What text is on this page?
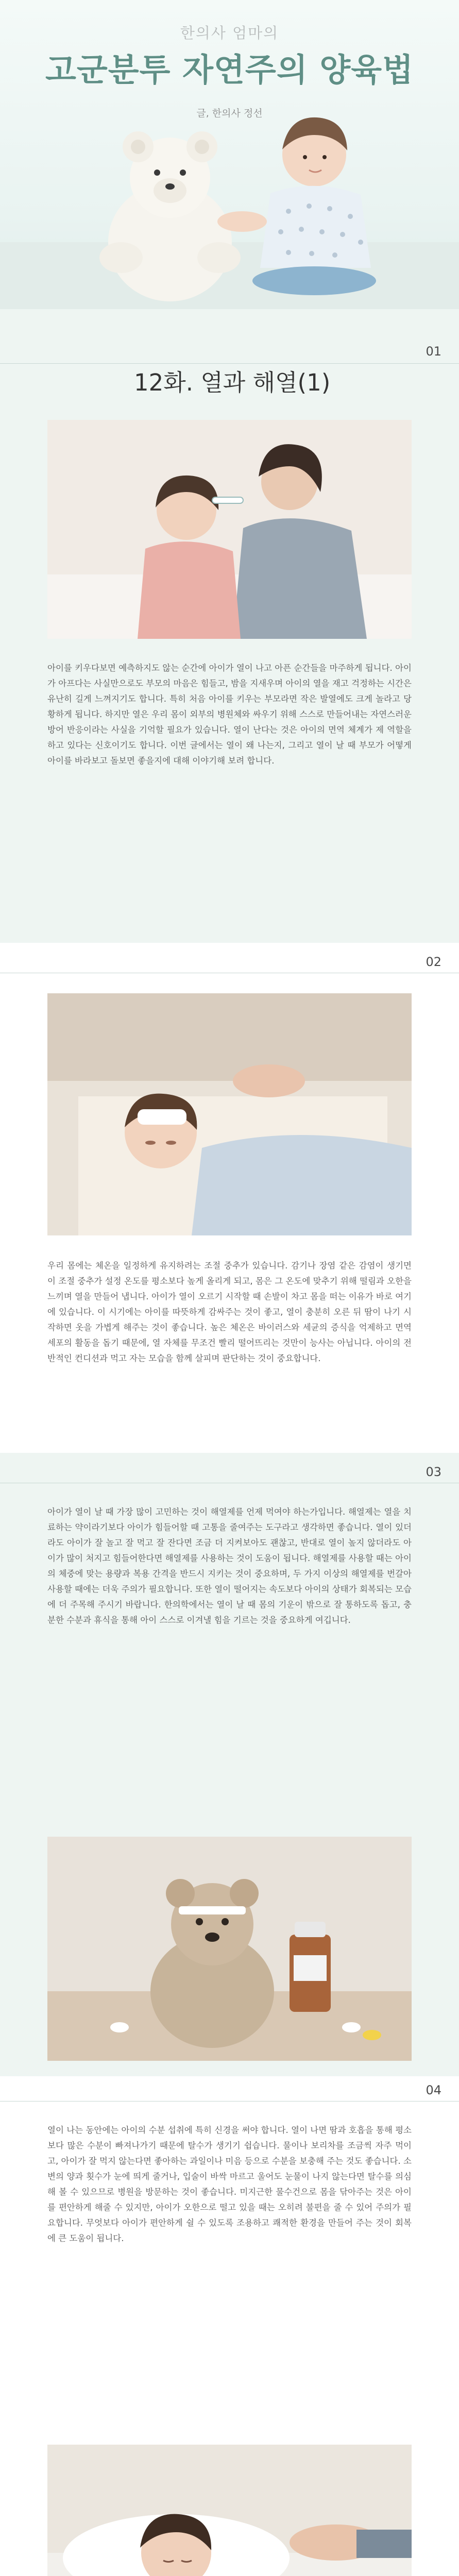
한의사 엄마의
고군분투 자연주의 양육법
글, 한의사 정선
01
12화. 열과 해열(1)
아이를 키우다보면 예측하지도 않는 순간에 아이가 열이 나고 아픈 순간들을 마주하게 됩니다. 아이가 아프다는 사실만으로도 부모의 마음은 힘들고, 밤을 지새우며 아이의 열을 재고 걱정하는 시간은 유난히 길게 느껴지기도 합니다. 특히 처음 아이를 키우는 부모라면 작은 발열에도 크게 놀라고 당황하게 됩니다. 하지만 열은 우리 몸이 외부의 병원체와 싸우기 위해 스스로 만들어내는 자연스러운 방어 반응이라는 사실을 기억할 필요가 있습니다. 열이 난다는 것은 아이의 면역 체계가 제 역할을 하고 있다는 신호이기도 합니다. 이번 글에서는 열이 왜 나는지, 그리고 열이 날 때 부모가 어떻게 아이를 바라보고 돌보면 좋을지에 대해 이야기해 보려 합니다.
02
우리 몸에는 체온을 일정하게 유지하려는 조절 중추가 있습니다. 감기나 장염 같은 감염이 생기면 이 조절 중추가 설정 온도를 평소보다 높게 올리게 되고, 몸은 그 온도에 맞추기 위해 떨림과 오한을 느끼며 열을 만들어 냅니다. 아이가 열이 오르기 시작할 때 손발이 차고 몸을 떠는 이유가 바로 여기에 있습니다. 이 시기에는 아이를 따뜻하게 감싸주는 것이 좋고, 열이 충분히 오른 뒤 땀이 나기 시작하면 옷을 가볍게 해주는 것이 좋습니다. 높은 체온은 바이러스와 세균의 증식을 억제하고 면역 세포의 활동을 돕기 때문에, 열 자체를 무조건 빨리 떨어뜨리는 것만이 능사는 아닙니다. 아이의 전반적인 컨디션과 먹고 자는 모습을 함께 살피며 판단하는 것이 중요합니다.
03
아이가 열이 날 때 가장 많이 고민하는 것이 해열제를 언제 먹여야 하는가입니다. 해열제는 열을 치료하는 약이라기보다 아이가 힘들어할 때 고통을 줄여주는 도구라고 생각하면 좋습니다. 열이 있더라도 아이가 잘 놀고 잘 먹고 잘 잔다면 조금 더 지켜보아도 괜찮고, 반대로 열이 높지 않더라도 아이가 많이 처지고 힘들어한다면 해열제를 사용하는 것이 도움이 됩니다. 해열제를 사용할 때는 아이의 체중에 맞는 용량과 복용 간격을 반드시 지키는 것이 중요하며, 두 가지 이상의 해열제를 번갈아 사용할 때에는 더욱 주의가 필요합니다. 또한 열이 떨어지는 속도보다 아이의 상태가 회복되는 모습에 더 주목해 주시기 바랍니다. 한의학에서는 열이 날 때 몸의 기운이 밖으로 잘 통하도록 돕고, 충분한 수분과 휴식을 통해 아이 스스로 이겨낼 힘을 기르는 것을 중요하게 여깁니다.
04
열이 나는 동안에는 아이의 수분 섭취에 특히 신경을 써야 합니다. 열이 나면 땀과 호흡을 통해 평소보다 많은 수분이 빠져나가기 때문에 탈수가 생기기 쉽습니다. 물이나 보리차를 조금씩 자주 먹이고, 아이가 잘 먹지 않는다면 좋아하는 과일이나 미음 등으로 수분을 보충해 주는 것도 좋습니다. 소변의 양과 횟수가 눈에 띄게 줄거나, 입술이 바싹 마르고 울어도 눈물이 나지 않는다면 탈수를 의심해 볼 수 있으므로 병원을 방문하는 것이 좋습니다. 미지근한 물수건으로 몸을 닦아주는 것은 아이를 편안하게 해줄 수 있지만, 아이가 오한으로 떨고 있을 때는 오히려 불편을 줄 수 있어 주의가 필요합니다. 무엇보다 아이가 편안하게 쉴 수 있도록 조용하고 쾌적한 환경을 만들어 주는 것이 회복에 큰 도움이 됩니다.
